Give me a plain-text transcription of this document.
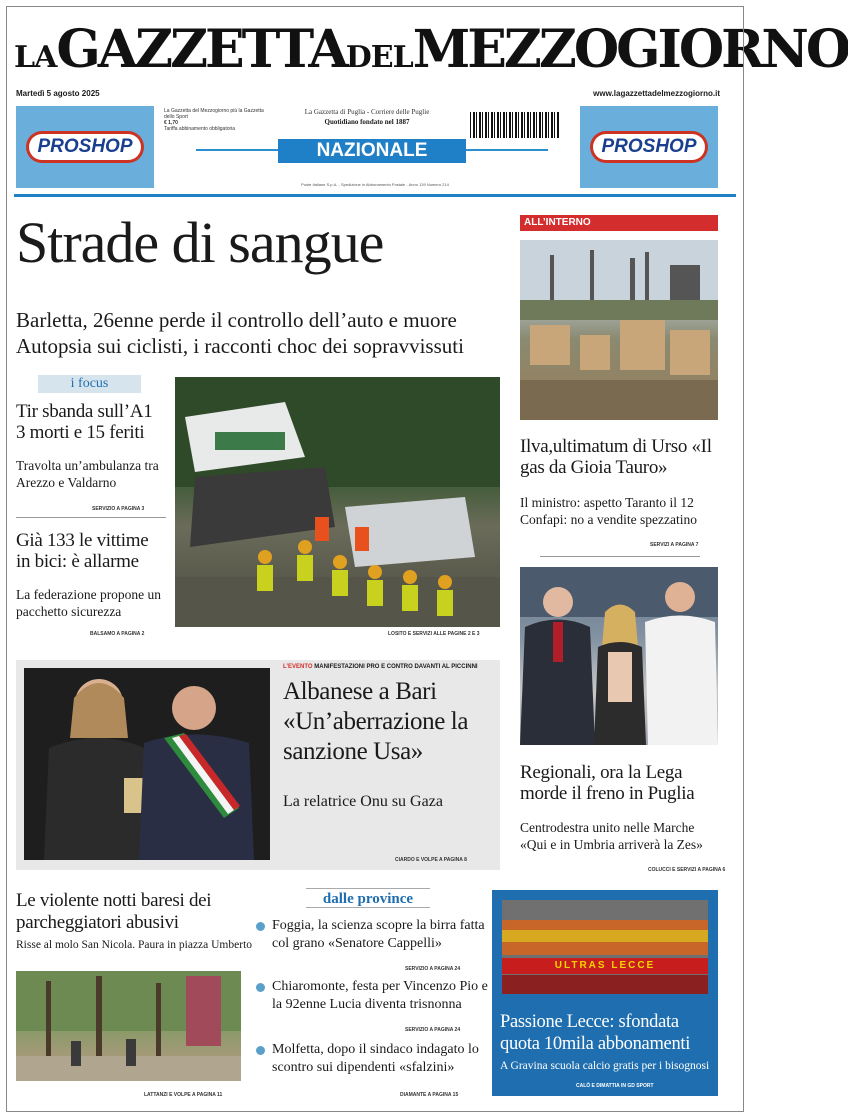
LAGAZZETTADELMEZZOGIORNO
Martedì 5 agosto 2025	www.lagazzettadelmezzogiorno.it
PROSHOP	PROSHOP
La Gazzetta del Mezzogiorno più la Gazzetta dello Sport
€ 1,70
Tariffa abbinamento obbligatoria
La Gazzetta di Puglia - Corriere delle Puglie
Quotidiano fondato nel 1887
NAZIONALE
Poste Italiane S.p.A. - Spedizione in Abbonamento Postale - Anno 139 Numero 214
Strade di sangue
Barletta, 26enne perde il controllo dell’auto e muore
Autopsia sui ciclisti, i racconti choc dei sopravvissuti
i focus
Tir sbanda sull’A1 3 morti e 15 feriti
Travolta un’ambulanza tra Arezzo e Valdarno
SERVIZIO A PAGINA 3
Già 133 le vittime in bici: è allarme
La federazione propone un pacchetto sicurezza
BALSAMO A PAGINA 2	LOSITO E SERVIZI ALLE PAGINE 2 E 3
ALL’INTERNO
Ilva,ultimatum di Urso «Il gas da Gioia Tauro»
Il ministro: aspetto Taranto il 12 Confapi: no a vendite spezzatino
SERVIZI A PAGINA 7
Regionali, ora la Lega morde il freno in Puglia
Centrodestra unito nelle Marche «Qui e in Umbria arriverà la Zes»
COLUCCI E SERVIZI A PAGINA 6
L’EVENTO MANIFESTAZIONI PRO E CONTRO DAVANTI AL PICCINNI
Albanese a Bari «Un’aberrazione la sanzione Usa»
La relatrice Onu su Gaza
CIARDO E VOLPE A PAGINA 8
Le violente notti baresi dei parcheggiatori abusivi
Risse al molo San Nicola. Paura in piazza Umberto
LATTANZI E VOLPE A PAGINA 11
dalle province
Foggia, la scienza scopre la birra fatta col grano «Senatore Cappelli»
SERVIZIO A PAGINA 24
Chiaromonte, festa per Vincenzo Pio e la 92enne Lucia diventa trisnonna
SERVIZIO A PAGINA 24
Molfetta, dopo il sindaco indagato lo scontro sui dipendenti «sfalzini»
DIAMANTE A PAGINA 15
ULTRAS LECCE
Passione Lecce: sfondata quota 10mila abbonamenti
A Gravina scuola calcio gratis per i bisognosi
CALÒ E DIMATTIA IN GD SPORT
